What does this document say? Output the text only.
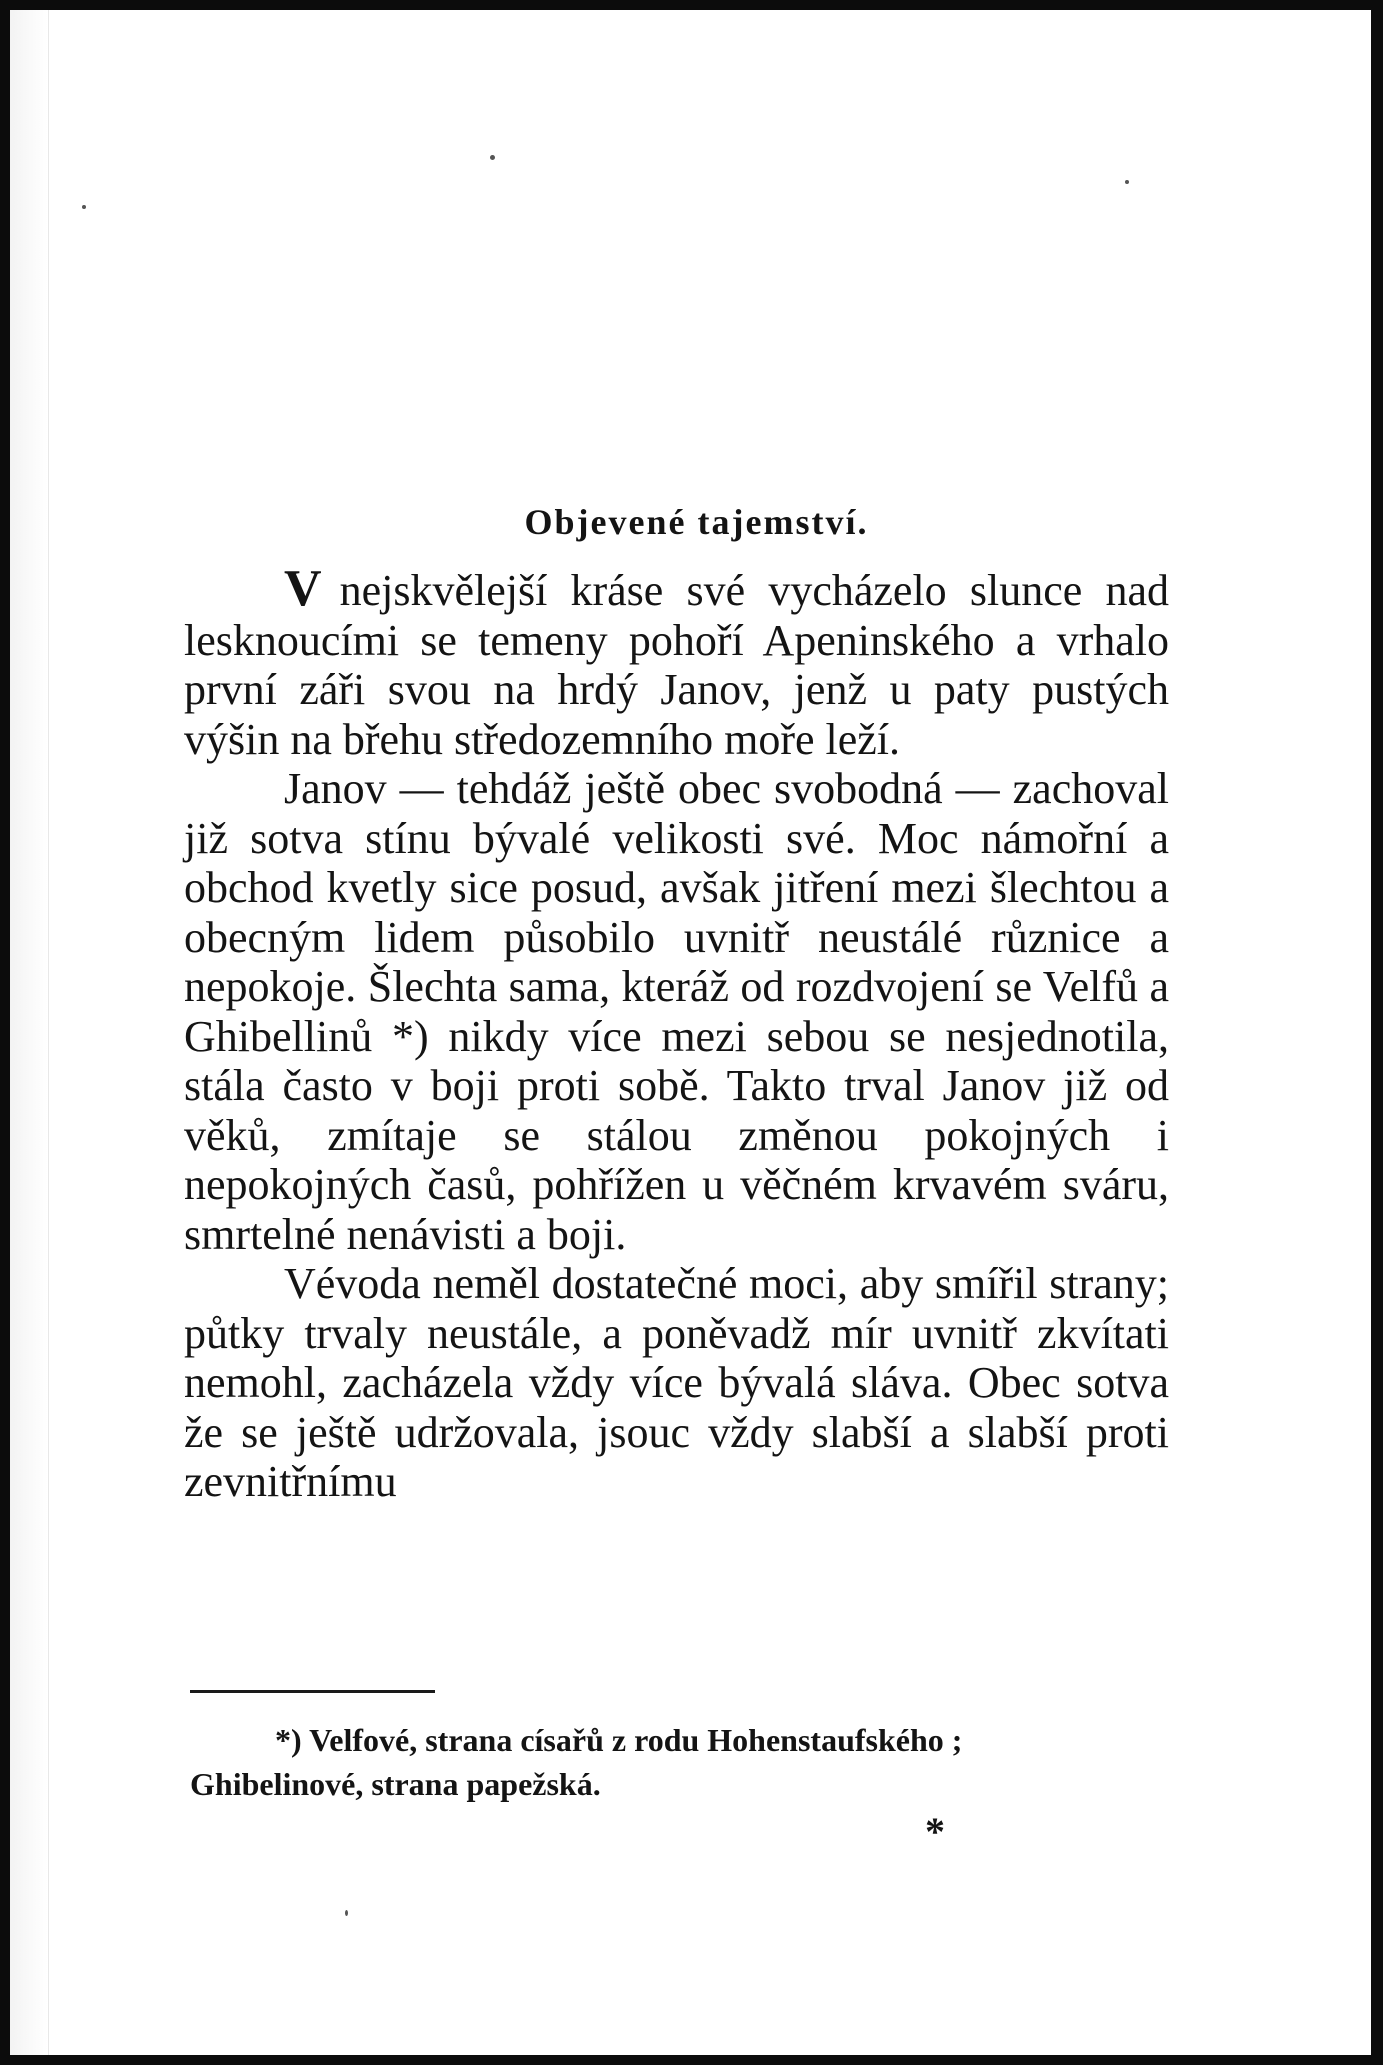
Objevené tajemství.

V nejskvělejší kráse své vycházelo slunce nad lesknoucími se temeny pohoří Apeninského a vrhalo první záři svou na hrdý Janov, jenž u paty pustých výšin na břehu středozemního moře leží.

Janov — tehdáž ještě obec svobodná — zachoval již sotva stínu bývalé velikosti své. Moc námořní a obchod kvetly sice posud, avšak jitření mezi šlechtou a obecným lidem působilo uvnitř neustálé různice a nepokoje. Šlechta sama, kteráž od rozdvojení se Velfů a Ghibellinů *) nikdy více mezi sebou se nesjednotila, stála často v boji proti sobě. Takto trval Janov již od věků, zmítaje se stálou změnou pokojných i nepokojných časů, pohřížen u věčném krvavém sváru, smrtelné nenávisti a boji.

Vévoda neměl dostatečné moci, aby smířil strany; půtky trvaly neustále, a poněvadž mír uvnitř zkvítati nemohl, zacházela vždy více bývalá sláva. Obec sotva že se ještě udržovala, jsouc vždy slabší a slabší proti zevnitřnímu

*) Velfové, strana císařů z rodu Hohenstaufského ;
Ghibelinové, strana papežská.
*
